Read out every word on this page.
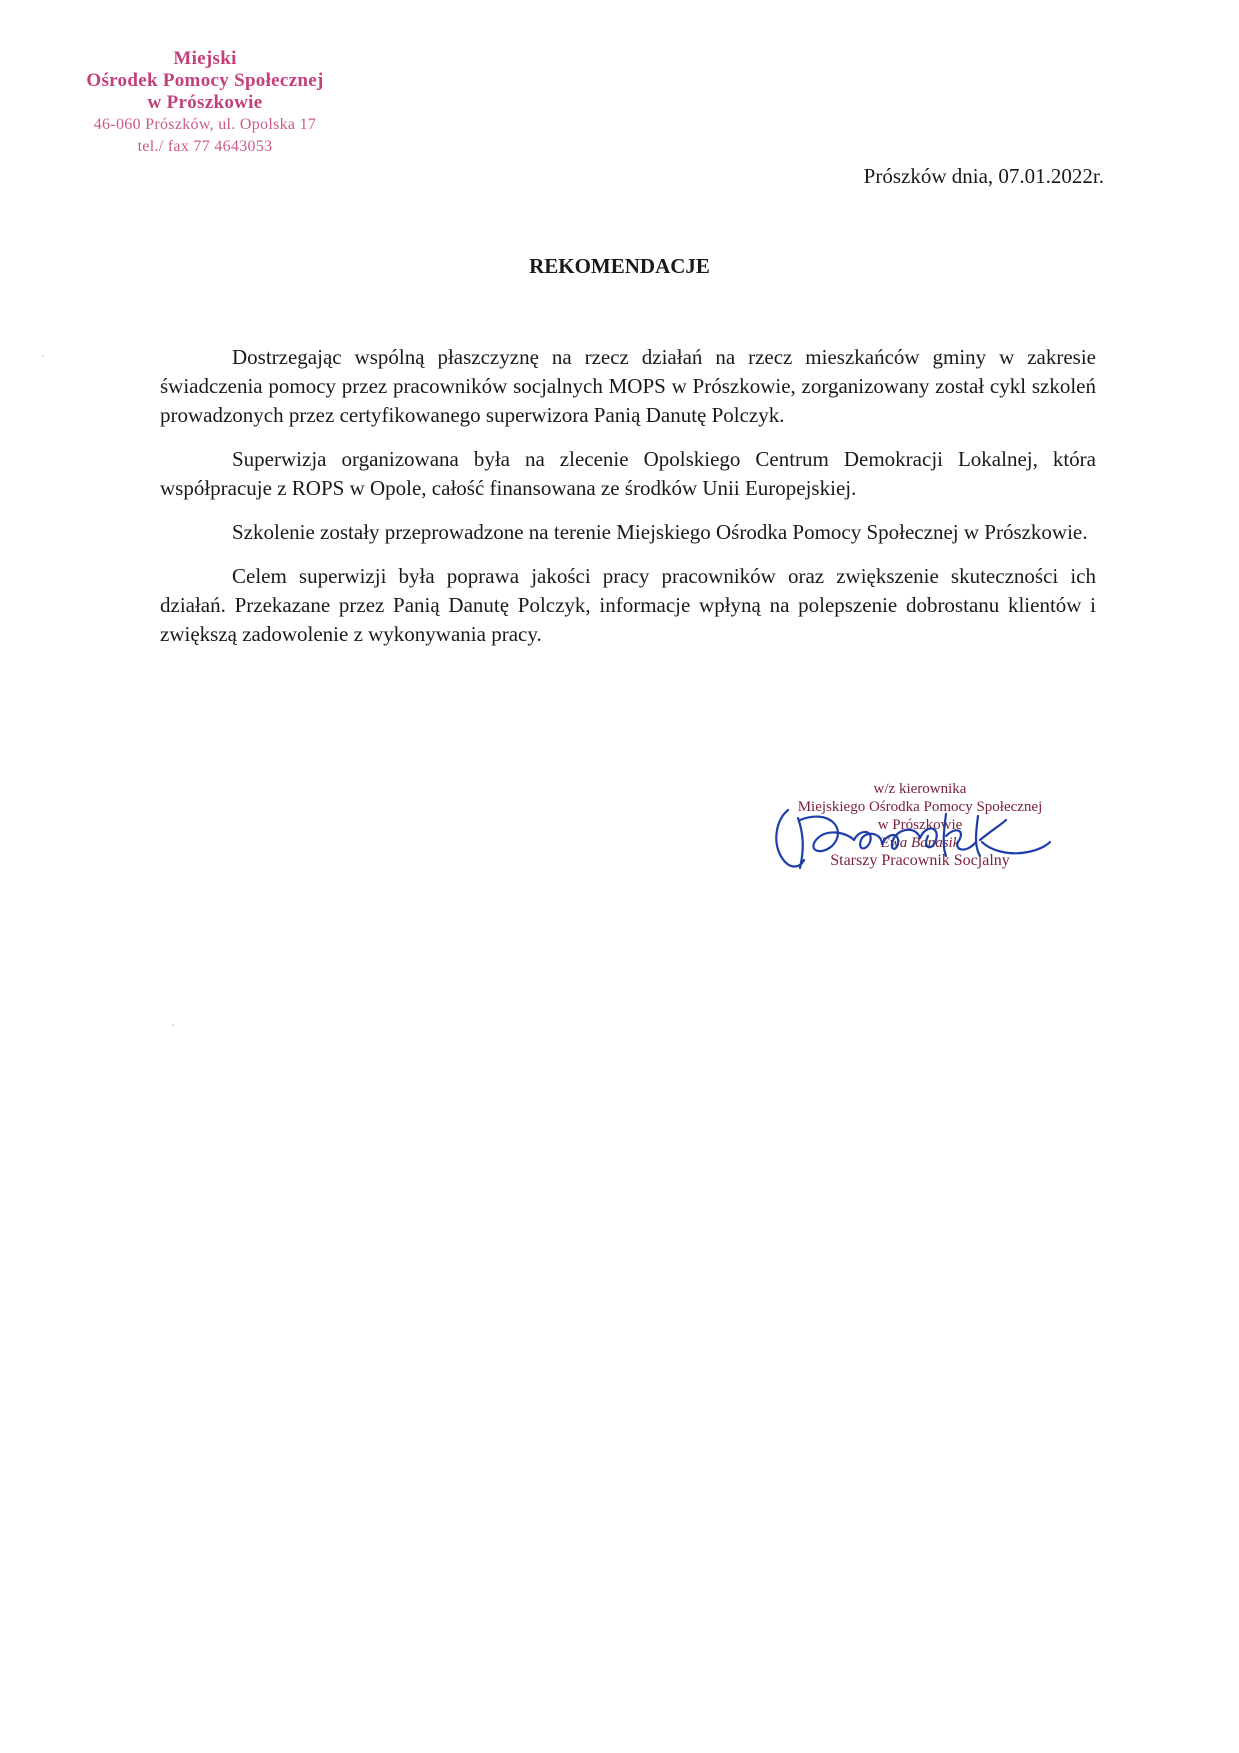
Miejski
Ośrodek Pomocy Społecznej
w Prószkowie
46-060 Prószków, ul. Opolska 17
tel./ fax 77 4643053
Prószków dnia, 07.01.2022r.
REKOMENDACJE

Dostrzegając wspólną płaszczyznę na rzecz działań na rzecz mieszkańców gminy w zakresie świadczenia pomocy przez pracowników socjalnych MOPS w Prószkowie, zorganizowany został cykl szkoleń prowadzonych przez certyfikowanego superwizora Panią Danutę Polczyk.

Superwizja organizowana była na zlecenie Opolskiego Centrum Demokracji Lokalnej, która współpracuje z ROPS w Opole, całość finansowana ze środków Unii Europejskiej.

Szkolenie zostały przeprowadzone na terenie Miejskiego Ośrodka Pomocy Społecznej w Prószkowie.

Celem superwizji była poprawa jakości pracy pracowników oraz zwiększenie skuteczności ich działań. Przekazane przez Panią Danutę Polczyk, informacje wpłyną na polepszenie dobrostanu klientów i zwiększą zadowolenie z wykonywania pracy.

w/z kierownika
Miejskiego Ośrodka Pomocy Społecznej
w Prószkowie
Ewa Banasik
Starszy Pracownik Socjalny
